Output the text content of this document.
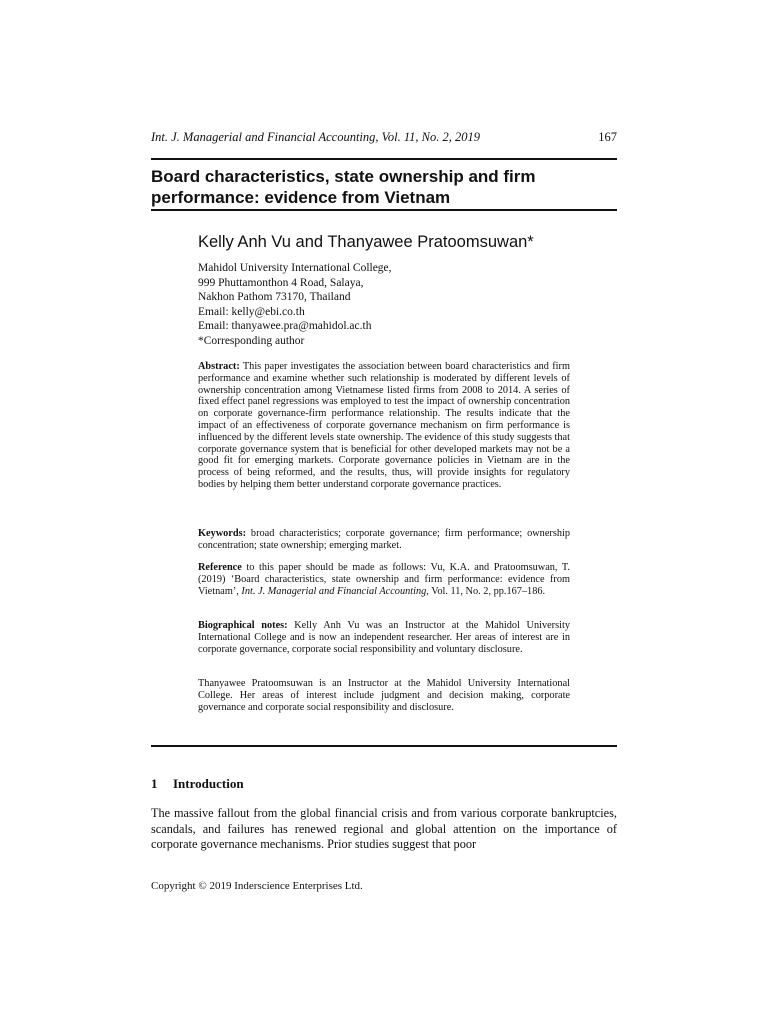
Int. J. Managerial and Financial Accounting, Vol. 11, No. 2, 2019	167
Board characteristics, state ownership and firm
performance: evidence from Vietnam

Kelly Anh Vu and Thanyawee Pratoomsuwan*

Mahidol University International College,
999 Phuttamonthon 4 Road, Salaya,
Nakhon Pathom 73170, Thailand
Email: kelly@ebi.co.th
Email: thanyawee.pra@mahidol.ac.th
*Corresponding author

Abstract: This paper investigates the association between board characteristics and firm performance and examine whether such relationship is moderated by different levels of ownership concentration among Vietnamese listed firms from 2008 to 2014. A series of fixed effect panel regressions was employed to test the impact of ownership concentration on corporate governance-firm performance relationship. The results indicate that the impact of an effectiveness of corporate governance mechanism on firm performance is influenced by the different levels state ownership. The evidence of this study suggests that corporate governance system that is beneficial for other developed markets may not be a good fit for emerging markets. Corporate governance policies in Vietnam are in the process of being reformed, and the results, thus, will provide insights for regulatory bodies by helping them better understand corporate governance practices.

Keywords: broad characteristics; corporate governance; firm performance; ownership concentration; state ownership; emerging market.

Reference to this paper should be made as follows: Vu, K.A. and Pratoomsuwan, T. (2019) ‘Board characteristics, state ownership and firm performance: evidence from Vietnam’, Int. J. Managerial and Financial Accounting, Vol. 11, No. 2, pp.167–186.

Biographical notes: Kelly Anh Vu was an Instructor at the Mahidol University International College and is now an independent researcher. Her areas of interest are in corporate governance, corporate social responsibility and voluntary disclosure.

Thanyawee Pratoomsuwan is an Instructor at the Mahidol University International College. Her areas of interest include judgment and decision making, corporate governance and corporate social responsibility and disclosure.

1 Introduction

The massive fallout from the global financial crisis and from various corporate bankruptcies, scandals, and failures has renewed regional and global attention on the importance of corporate governance mechanisms. Prior studies suggest that poor

Copyright © 2019 Inderscience Enterprises Ltd.
